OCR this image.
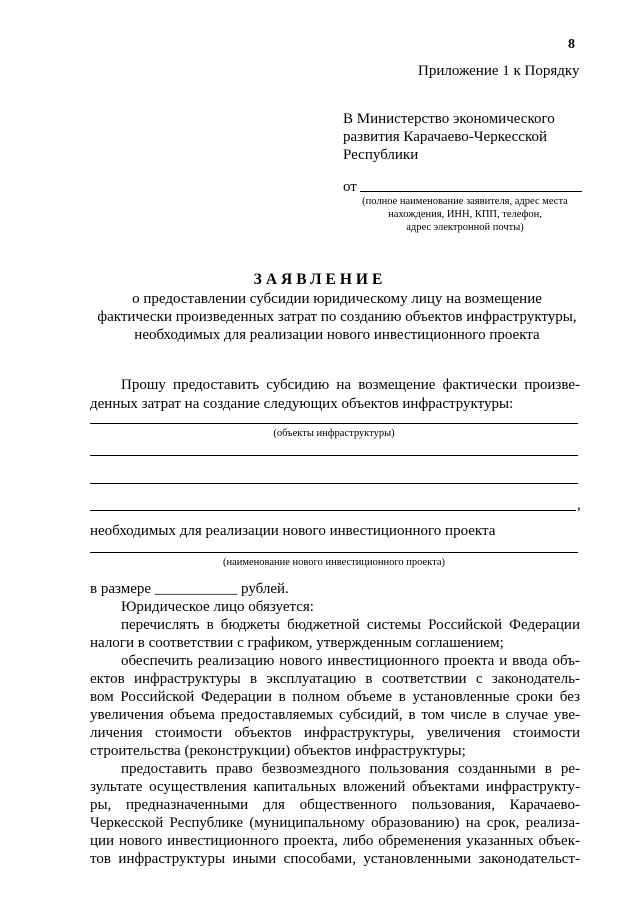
8
Приложение 1 к Порядку
В Министерство экономического
развития Карачаево-Черкесской
Республики
от
(полное наименование заявителя, адрес места
нахождения, ИНН, КПП, телефон,
адрес электронной почты)
ЗАЯВЛЕНИЕ
о предоставлении субсидии юридическому лицу на возмещение
фактически произведенных затрат по созданию объектов инфраструктуры,
необходимых для реализации нового инвестиционного проекта
Прошу предоставить субсидию на возмещение фактически произве-
денных затрат на создание следующих объектов инфраструктуры:
(объекты инфраструктуры)
,
необходимых для реализации нового инвестиционного проекта
(наименование нового инвестиционного проекта)
в размере ___________ рублей.
Юридическое лицо обязуется:
перечислять в бюджеты бюджетной системы Российской Федерации
налоги в соответствии с графиком, утвержденным соглашением;
обеспечить реализацию нового инвестиционного проекта и ввода объ-
ектов инфраструктуры в эксплуатацию в соответствии с законодатель-
вом Российской Федерации в полном объеме в установленные сроки без
увеличения объема предоставляемых субсидий, в том числе в случае уве-
личения стоимости объектов инфраструктуры, увеличения стоимости
строительства (реконструкции) объектов инфраструктуры;
предоставить право безвозмездного пользования созданными в ре-
зультате осуществления капитальных вложений объектами инфраструкту-
ры, предназначенными для общественного пользования, Карачаево-
Черкесской Республике (муниципальному образованию) на срок, реализа-
ции нового инвестиционного проекта, либо обременения указанных объек-
тов инфраструктуры иными способами, установленными законодательст-
